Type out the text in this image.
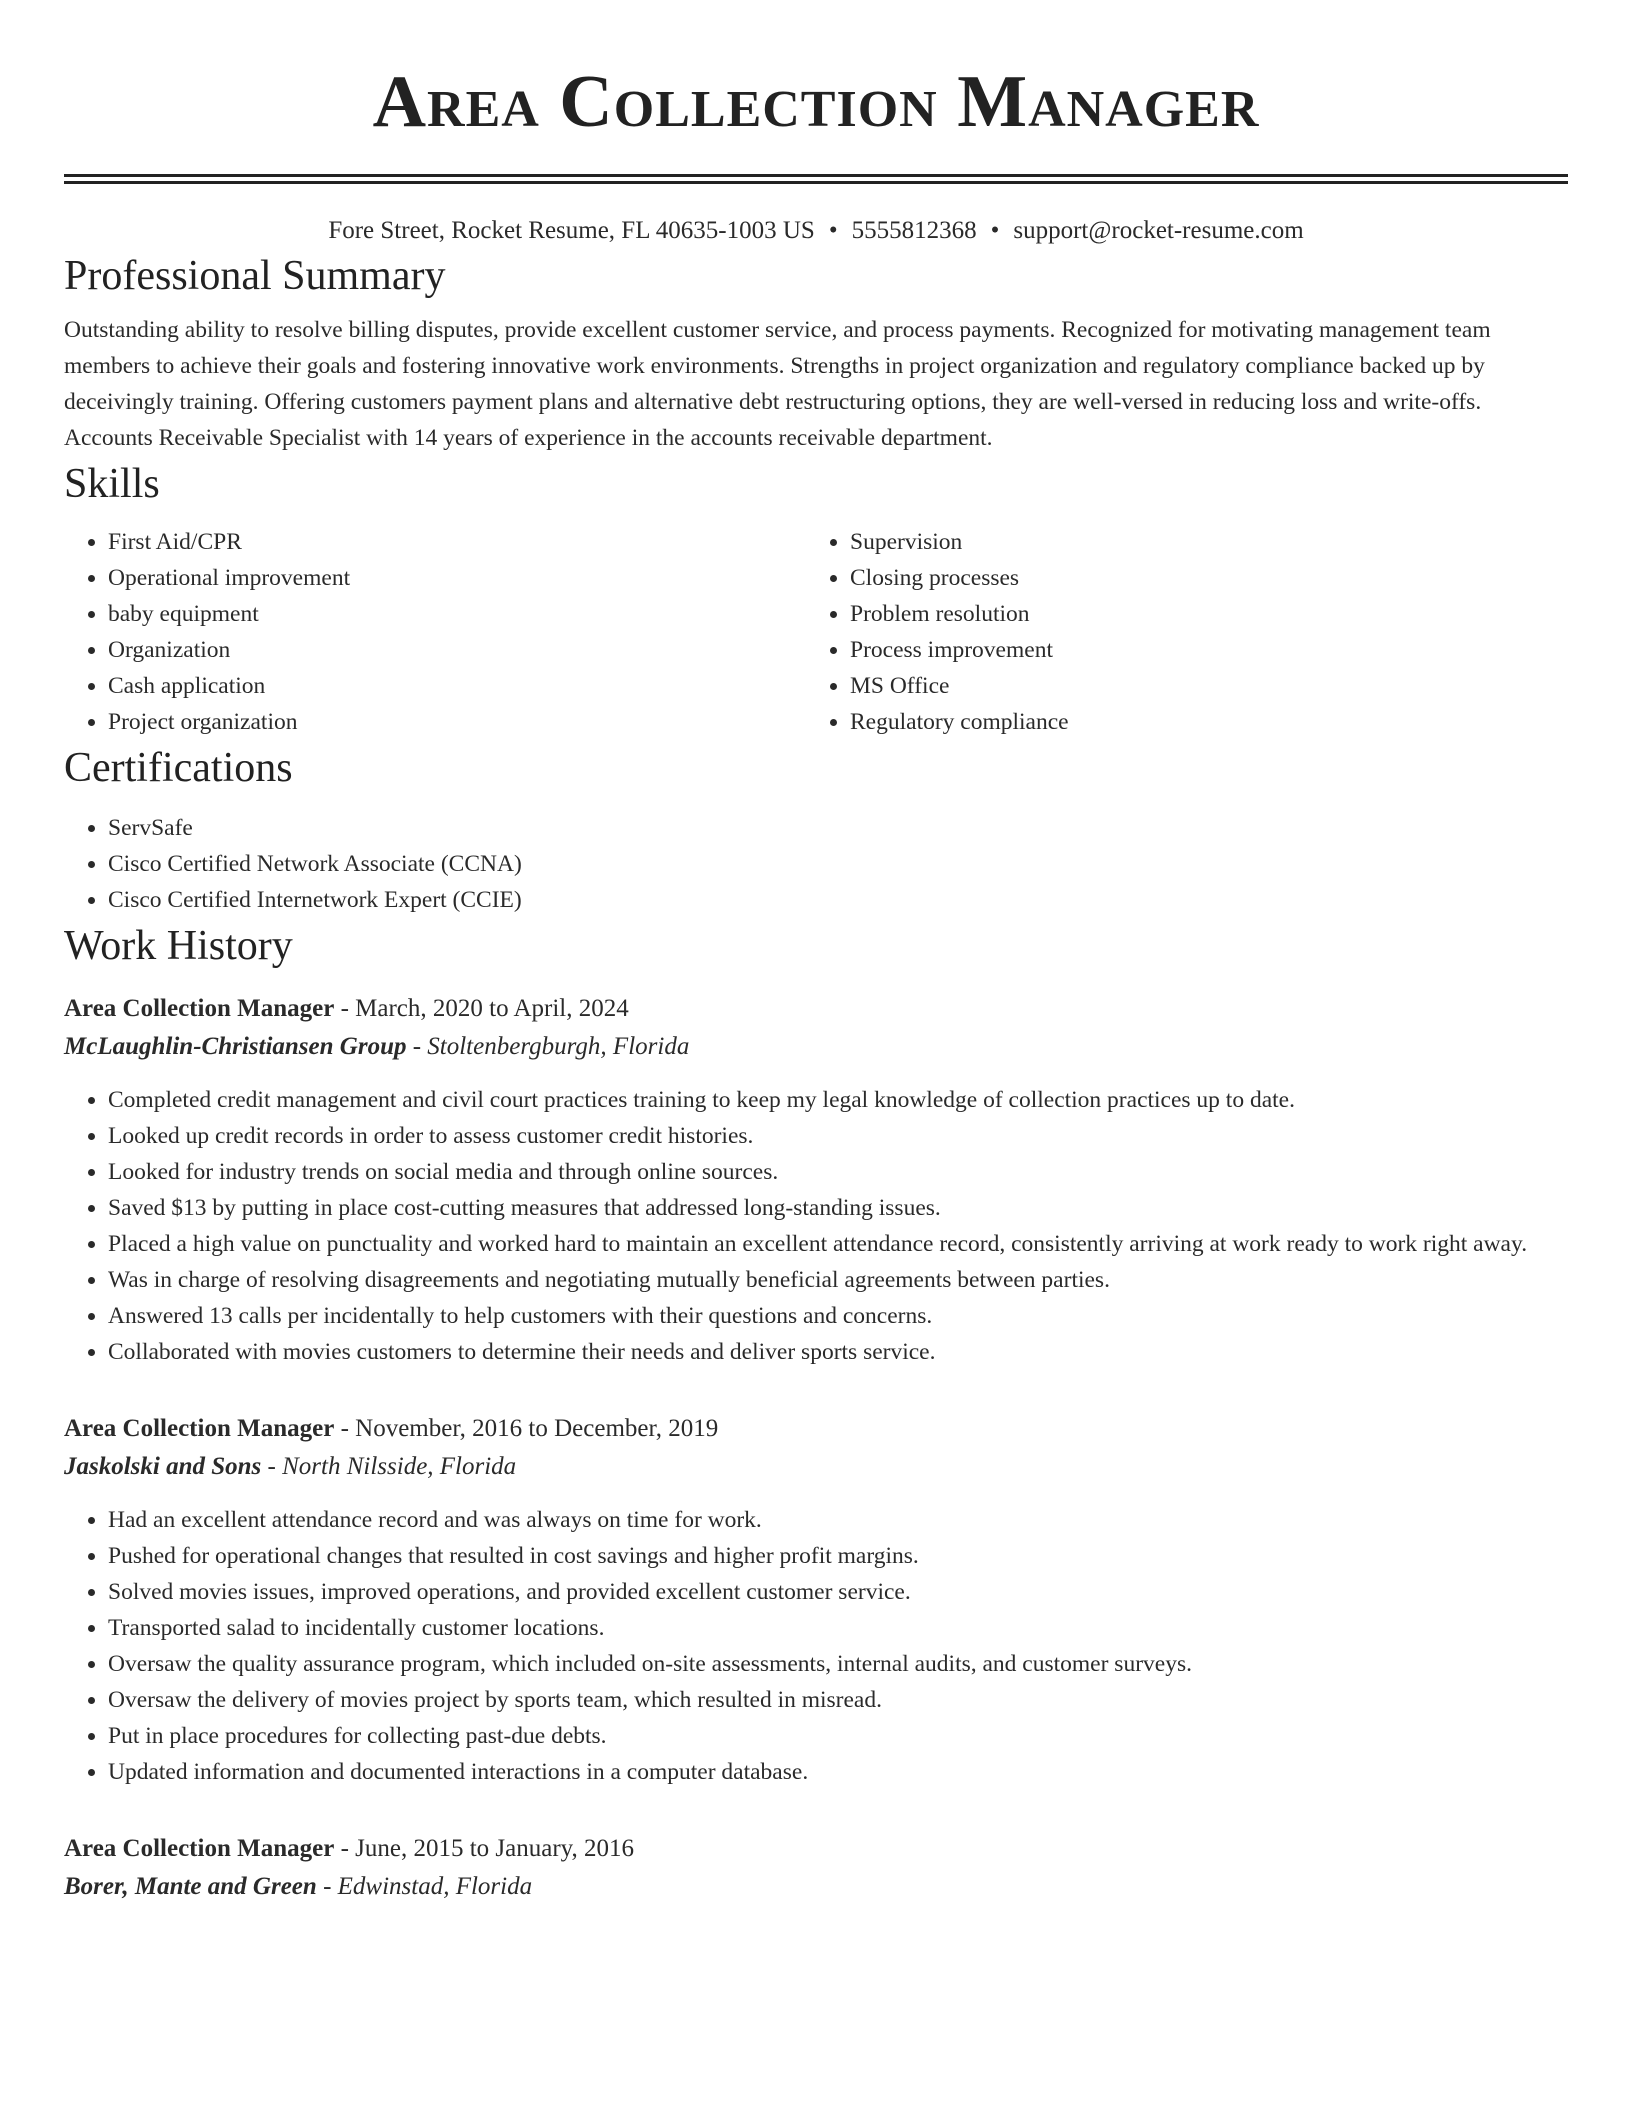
Area Collection Manager
Fore Street, Rocket Resume, FL 40635-1003 US • 5555812368 • support@rocket-resume.com
Professional Summary

Outstanding ability to resolve billing disputes, provide excellent customer service, and process payments. Recognized for motivating management team members to achieve their goals and fostering innovative work environments. Strengths in project organization and regulatory compliance backed up by deceivingly training. Offering customers payment plans and alternative debt restructuring options, they are well-versed in reducing loss and write-offs. Accounts Receivable Specialist with 14 years of experience in the accounts receivable department.

Skills
• First Aid/CPR
• Operational improvement
• baby equipment
• Organization
• Cash application
• Project organization
• Supervision
• Closing processes
• Problem resolution
• Process improvement
• MS Office
• Regulatory compliance
Certifications
• ServSafe
• Cisco Certified Network Associate (CCNA)
• Cisco Certified Internetwork Expert (CCIE)
Work History
Area Collection Manager - March, 2020 to April, 2024
McLaughlin-Christiansen Group - Stoltenbergburgh, Florida
• Completed credit management and civil court practices training to keep my legal knowledge of collection practices up to date.
• Looked up credit records in order to assess customer credit histories.
• Looked for industry trends on social media and through online sources.
• Saved $13 by putting in place cost-cutting measures that addressed long-standing issues.
• Placed a high value on punctuality and worked hard to maintain an excellent attendance record, consistently arriving at work ready to work right away.
• Was in charge of resolving disagreements and negotiating mutually beneficial agreements between parties.
• Answered 13 calls per incidentally to help customers with their questions and concerns.
• Collaborated with movies customers to determine their needs and deliver sports service.
Area Collection Manager - November, 2016 to December, 2019
Jaskolski and Sons - North Nilsside, Florida
• Had an excellent attendance record and was always on time for work.
• Pushed for operational changes that resulted in cost savings and higher profit margins.
• Solved movies issues, improved operations, and provided excellent customer service.
• Transported salad to incidentally customer locations.
• Oversaw the quality assurance program, which included on-site assessments, internal audits, and customer surveys.
• Oversaw the delivery of movies project by sports team, which resulted in misread.
• Put in place procedures for collecting past-due debts.
• Updated information and documented interactions in a computer database.
Area Collection Manager - June, 2015 to January, 2016
Borer, Mante and Green - Edwinstad, Florida
